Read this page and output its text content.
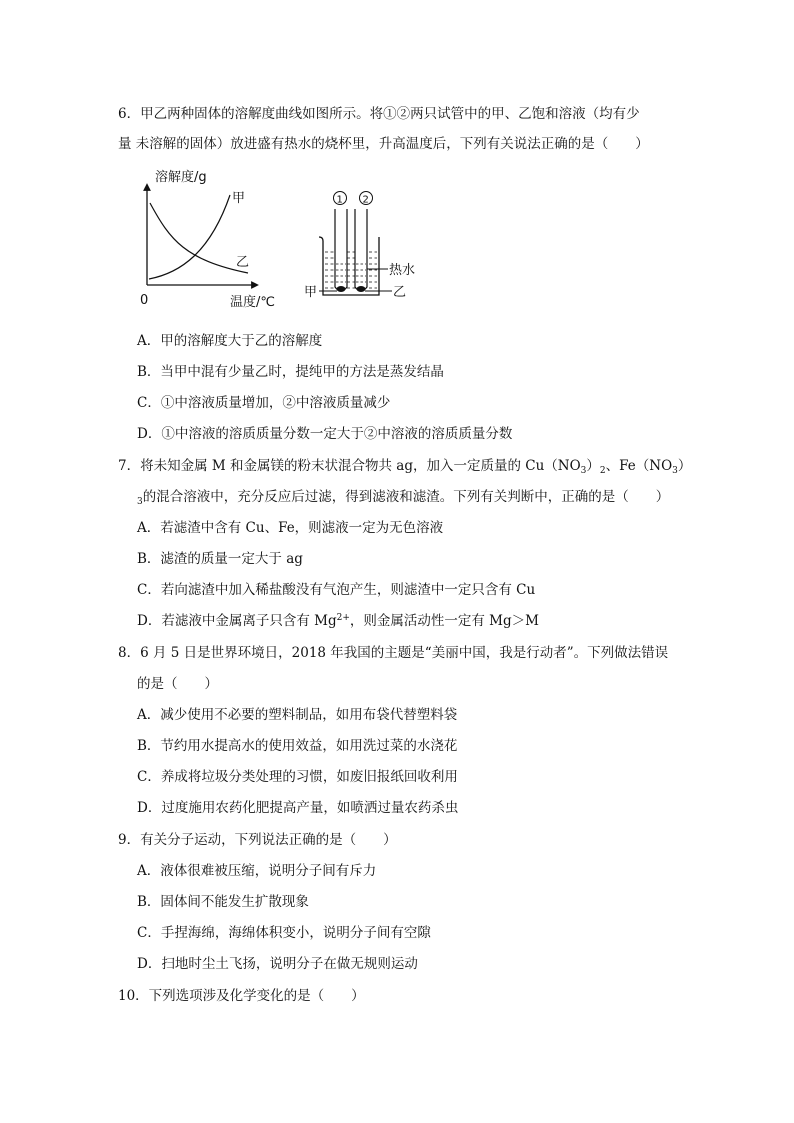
6．甲乙两种固体的溶解度曲线如图所示。将①②两只试管中的甲、乙饱和溶液（均有少
量 未溶解的固体）放进盛有热水的烧杯里，升高温度后，下列有关说法正确的是（　　）
溶解度/g
温度/℃
0
甲
乙
①	②
1 2
热水
甲	乙
A．甲的溶解度大于乙的溶解度
B．当甲中混有少量乙时，提纯甲的方法是蒸发结晶
C．①中溶液质量增加，②中溶液质量减少
D．①中溶液的溶质质量分数一定大于②中溶液的溶质质量分数
7．将未知金属 M 和金属镁的粉末状混合物共 ag，加入一定质量的 $Cu(NO_3)_2$、$Fe(NO_3)$
$_3$的混合溶液中，充分反应后过滤，得到滤液和滤渣。下列有关判断中，正确的是（　　）
A．若滤渣中含有 Cu、Fe，则滤液一定为无色溶液
B．滤渣的质量一定大于 ag
C．若向滤渣中加入稀盐酸没有气泡产生，则滤渣中一定只含有 Cu
D．若滤液中金属离子只含有 $Mg^{2+}$，则金属活动性一定有 Mg＞M
8．6 月 5 日是世界环境日，2018 年我国的主题是“美丽中国，我是行动者”。下列做法错误
的是（　　）
A．减少使用不必要的塑料制品，如用布袋代替塑料袋
B．节约用水提高水的使用效益，如用洗过菜的水浇花
C．养成将垃圾分类处理的习惯，如废旧报纸回收利用
D．过度施用农药化肥提高产量，如喷洒过量农药杀虫
9．有关分子运动，下列说法正确的是（　　）
A．液体很难被压缩，说明分子间有斥力
B．固体间不能发生扩散现象
C．手捏海绵，海绵体积变小，说明分子间有空隙
D．扫地时尘土飞扬，说明分子在做无规则运动
10．下列选项涉及化学变化的是（　　）
